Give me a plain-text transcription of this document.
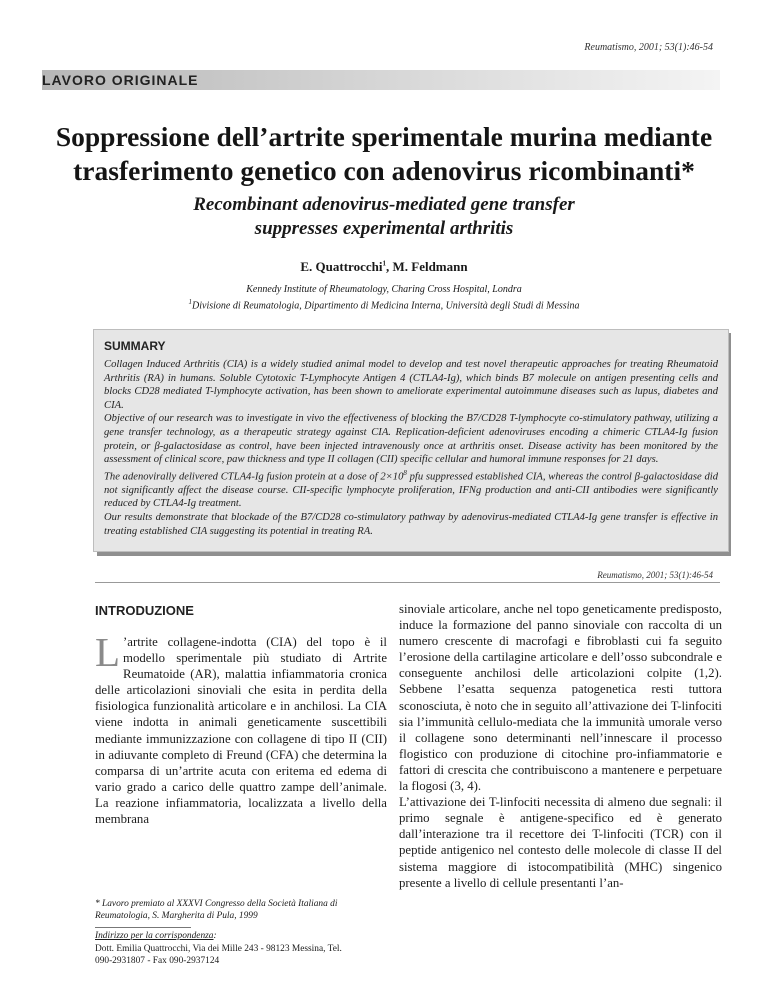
Reumatismo, 2001; 53(1):46-54
LAVORO ORIGINALE
Soppressione dell’artrite sperimentale murina mediante
trasferimento genetico con adenovirus ricombinanti*
Recombinant adenovirus-mediated gene transfer
suppresses experimental arthritis
E. Quattrocchi$^1$, M. Feldmann
Kennedy Institute of Rheumatology, Charing Cross Hospital, Londra
$^1$Divisione di Reumatologia, Dipartimento di Medicina Interna, Università degli Studi di Messina
SUMMARY

Collagen Induced Arthritis (CIA) is a widely studied animal model to develop and test novel therapeutic approaches for treating Rheumatoid Arthritis (RA) in humans. Soluble Cytotoxic T-Lymphocyte Antigen 4 (CTLA4-Ig), which binds B7 molecule on antigen presenting cells and blocks CD28 mediated T-lymphocyte activation, has been shown to ameliorate experimental autoimmune diseases such as lupus, diabetes and CIA.

Objective of our research was to investigate in vivo the effectiveness of blocking the B7/CD28 T-lymphocyte co-stimulatory pathway, utilizing a gene transfer technology, as a therapeutic strategy against CIA. Replication-deficient adenoviruses encoding a chimeric CTLA4-Ig fusion protein, or β-galactosidase as control, have been injected intravenously once at arthritis onset. Disease activity has been monitored by the assessment of clinical score, paw thickness and type II collagen (CII) specific cellular and humoral immune responses for 21 days.

The adenovirally delivered CTLA4-Ig fusion protein at a dose of $2\times 10^8$ pfu suppressed established CIA, whereas the control β-galactosidase did not significantly affect the disease course. CII-specific lymphocyte proliferation, IFNg production and anti-CII antibodies were significantly reduced by CTLA4-Ig treatment.

Our results demonstrate that blockade of the B7/CD28 co-stimulatory pathway by adenovirus-mediated CTLA4-Ig gene transfer is effective in treating established CIA suggesting its potential in treating RA.

Reumatismo, 2001; 53(1):46-54
INTRODUZIONE

L ’artrite collagene-indotta (CIA) del topo è il modello sperimentale più studiato di Artrite Reumatoide (AR), malattia infiammatoria cronica delle articolazioni sinoviali che esita in perdita della fisiologica funzionalità articolare e in anchilosi. La CIA viene indotta in animali geneticamente suscettibili mediante immunizzazione con collagene di tipo II (CII) in adiuvante completo di Freund (CFA) che determina la comparsa di un’artrite acuta con eritema ed edema di vario grado a carico delle quattro zampe dell’animale. La reazione infiammatoria, localizzata a livello della membrana

sinoviale articolare, anche nel topo geneticamente predisposto, induce la formazione del panno sinoviale con raccolta di un numero crescente di macrofagi e fibroblasti cui fa seguito l’erosione della cartilagine articolare e dell’osso subcondrale e conseguente anchilosi delle articolazioni colpite (1,2). Sebbene l’esatta sequenza patogenetica resti tuttora sconosciuta, è noto che in seguito all’attivazione dei T-linfociti sia l’immunità cellulo-mediata che la immunità umorale verso il collagene sono determinanti nell’innescare il processo flogistico con produzione di citochine pro-infiammatorie e fattori di crescita che contribuiscono a mantenere e perpetuare la flogosi (3, 4).

L’attivazione dei T-linfociti necessita di almeno due segnali: il primo segnale è antigene-specifico ed è generato dall’interazione tra il recettore dei T-linfociti (TCR) con il peptide antigenico nel contesto delle molecole di classe II del sistema maggiore di istocompatibilità (MHC) singenico presente a livello di cellule presentanti l’an-

* Lavoro premiato al XXXVI Congresso della Società Italiana di Reumatologia, S. Margherita di Pula, 1999
Indirizzo per la corrispondenza:
Dott. Emilia Quattrocchi, Via dei Mille 243 - 98123 Messina, Tel.
090-2931807 - Fax 090-2937124
